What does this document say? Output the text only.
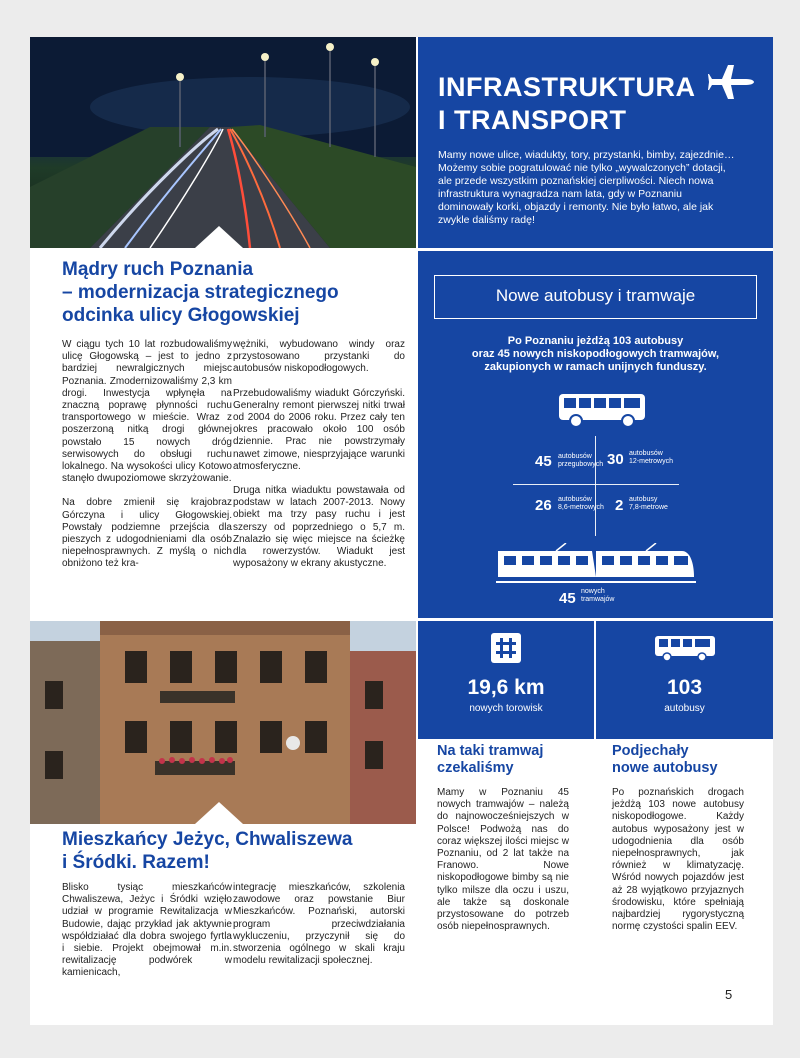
INFRASTRUKTURA
I TRANSPORT
Mamy nowe ulice, wiadukty, tory, przystanki, bimby, zajezdnie… Możemy sobie pogratulować nie tylko „wywalczonych” dotacji, ale przede wszystkim poznańskiej cierpliwości. Niech nowa infrastruktura wynagradza nam lata, gdy w Poznaniu dominowały korki, objazdy i remonty. Nie było łatwo, ale jak zwykle daliśmy radę!
Mądry ruch Poznania
– modernizacja strategicznego
odcinka ulicy Głogowskiej

W ciągu tych 10 lat rozbudowaliśmy ulicę Głogowską – jest to jedno z bardziej newralgicznych miejsc Poznania. Zmodernizowaliśmy 2,3 km drogi. Inwestycja wpłynęła na znaczną poprawę płynności ruchu transportowego w mieście. Wraz z poszerzoną nitką drogi głównej powstało 15 nowych dróg serwisowych do obsługi ruchu lokalnego. Na wysokości ulicy Kotowo stanęło dwupoziomowe skrzyżowanie.

Na dobre zmienił się krajobraz Górczyna i ulicy Głogowskiej. Powstały podziemne przejścia dla pieszych z udogodnieniami dla osób niepełnosprawnych. Z myślą o nich obniżono też kra-

wężniki, wybudowano windy oraz przystosowano przystanki do autobusów niskopodłogowych.

Przebudowaliśmy wiadukt Górczyński. Generalny remont pierwszej nitki trwał od 2004 do 2006 roku. Przez cały ten okres pracowało około 100 osób dziennie. Prac nie powstrzymały nawet zimowe, niesprzyjające warunki atmosferyczne.

Druga nitka wiaduktu powstawała od podstaw w latach 2007-2013. Nowy obiekt ma trzy pasy ruchu i jest szerszy od poprzedniego o 5,7 m. Znalazło się więc miejsce na ścieżkę dla rowerzystów. Wiadukt jest wyposażony w ekrany akustyczne.

Nowe autobusy i tramwaje
Po Poznaniu jeżdżą 103 autobusy
oraz 45 nowych niskopodłogowych tramwajów,
zakupionych w ramach unijnych funduszy.
45 autobusów
przegubowych 30 autobusów
12-metrowych
26 autobusów
8,6-metrowych 2 autobusy
7,8-metrowe
45 nowych
tramwajów
19,6 km
nowych torowisk
103
autobusy
Na taki tramwaj
czekaliśmy
Mamy w Poznaniu 45 nowych tramwajów – należą do najnowocześniejszych w Polsce! Podwożą nas do coraz większej ilości miejsc w Poznaniu, od 2 lat także na Franowo. Nowe niskopodłogowe bimby są nie tylko milsze dla oczu i uszu, ale także są doskonale przystosowane do potrzeb osób niepełnosprawnych.
Podjechały
nowe autobusy
Po poznańskich drogach jeżdżą 103 nowe autobusy niskopodłogowe. Każdy autobus wyposażony jest w udogodnienia dla osób niepełnosprawnych, jak również w klimatyzację. Wśród nowych pojazdów jest aż 28 wyjątkowo przyjaznych środowisku, które spełniają najbardziej rygorystyczną normę czystości spalin EEV.
Mieszkańcy Jeżyc, Chwaliszewa
i Śródki. Razem!
Blisko tysiąc mieszkańców Chwaliszewa, Jeżyc i Śródki wzięło udział w programie Rewitalizacja w Budowie, dając przykład jak aktywnie współdziałać dla dobra swojego fyrtla i siebie. Projekt obejmował m.in. rewitalizację podwórek w kamienicach,
integrację mieszkańców, szkolenia zawodowe oraz powstanie Biur Mieszkańców. Poznański, autorski program przeciwdziałania wykluczeniu, przyczynił się do stworzenia ogólnego w skali kraju modelu rewitalizacji społecznej.
5
